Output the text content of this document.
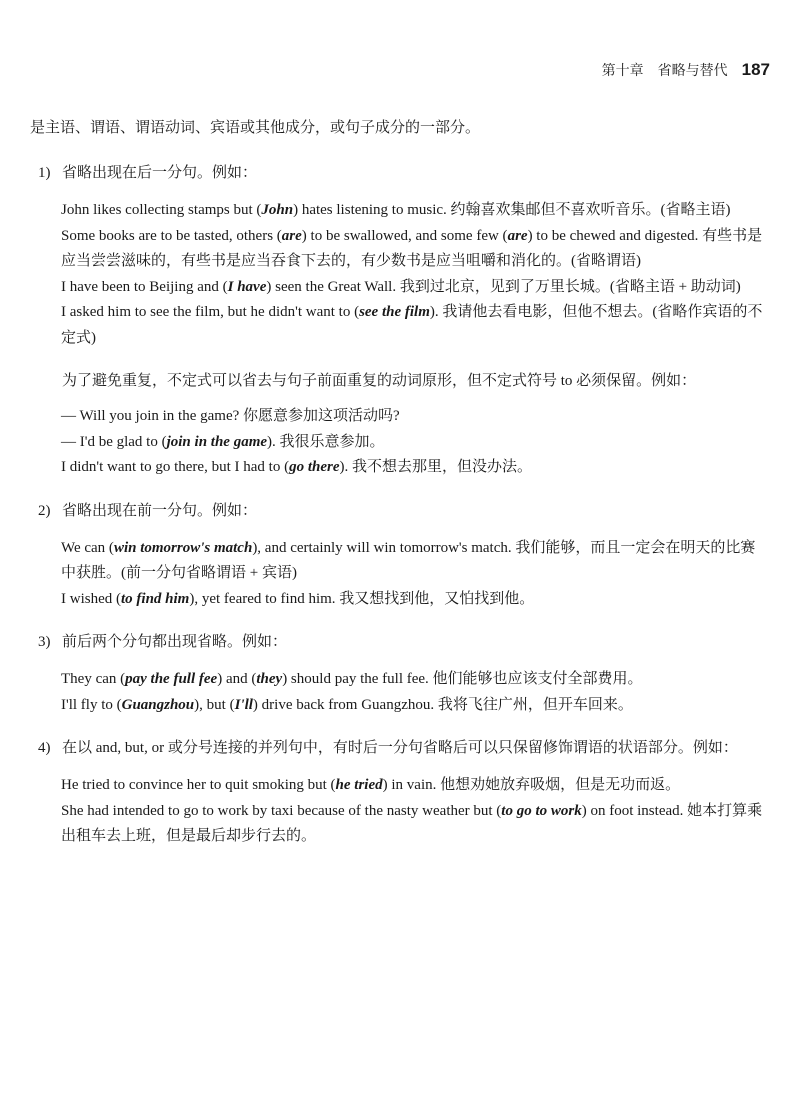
第十章　省略与替代 187

是主语、谓语、谓语动词、宾语或其他成分，或句子成分的一部分。

1) 省略出现在后一分句。例如：

John likes collecting stamps but (John) hates listening to music. 约翰喜欢集邮但不喜欢听音乐。(省略主语)

Some books are to be tasted, others (are) to be swallowed, and some few (are) to be chewed and digested. 有些书是应当尝尝滋味的，有些书是应当吞食下去的，有少数书是应当咀嚼和消化的。(省略谓语)

I have been to Beijing and (I have) seen the Great Wall. 我到过北京，见到了万里长城。(省略主语 + 助动词)

I asked him to see the film, but he didn't want to (see the film). 我请他去看电影，但他不想去。(省略作宾语的不定式)

为了避免重复，不定式可以省去与句子前面重复的动词原形，但不定式符号 to 必须保留。例如：

— Will you join in the game? 你愿意参加这项活动吗?

— I'd be glad to (join in the game). 我很乐意参加。

I didn't want to go there, but I had to (go there). 我不想去那里，但没办法。

2) 省略出现在前一分句。例如：

We can (win tomorrow's match), and certainly will win tomorrow's match. 我们能够，而且一定会在明天的比赛中获胜。(前一分句省略谓语 + 宾语)

I wished (to find him), yet feared to find him. 我又想找到他，又怕找到他。

3) 前后两个分句都出现省略。例如：

They can (pay the full fee) and (they) should pay the full fee. 他们能够也应该支付全部费用。

I'll fly to (Guangzhou), but (I'll) drive back from Guangzhou. 我将飞往广州，但开车回来。

4) 在以 and, but, or 或分号连接的并列句中，有时后一分句省略后可以只保留修饰谓语的状语部分。例如：

He tried to convince her to quit smoking but (he tried) in vain. 他想劝她放弃吸烟，但是无功而返。

She had intended to go to work by taxi because of the nasty weather but (to go to work) on foot instead. 她本打算乘出租车去上班，但是最后却步行去的。
